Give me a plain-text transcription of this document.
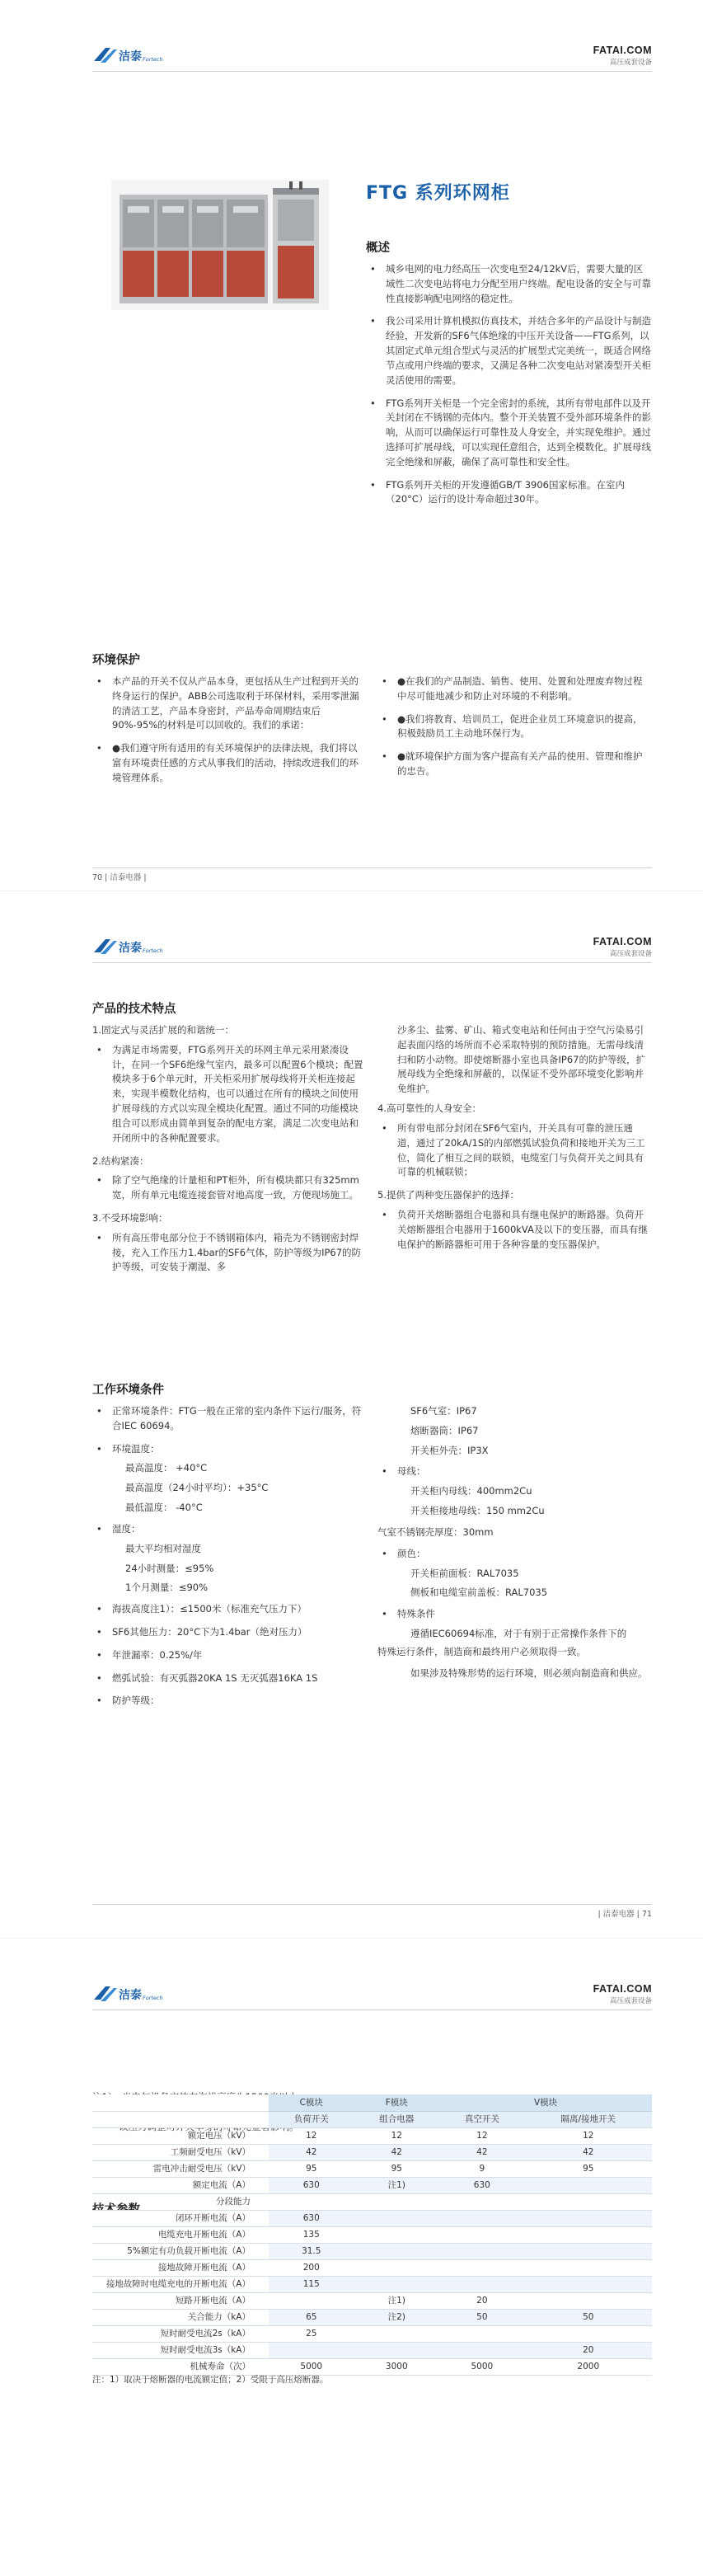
洁泰 Fortech
FATAI.COM
高压成套设备
FTG 系列环网柜
概述
• 城乡电网的电力经高压一次变电至24/12kV后，需要大量的区域性二次变电站将电力分配至用户终端。配电设备的安全与可靠性直接影响配电网络的稳定性。
• 我公司采用计算机模拟仿真技术，并结合多年的产品设计与制造经验，开发新的SF6气体绝缘的中压开关设备——FTG系列，以其固定式单元组合型式与灵活的扩展型式完美统一，既适合网络节点或用户终端的要求，又满足各种二次变电站对紧凑型开关柜灵活使用的需要。
• FTG系列开关柜是一个完全密封的系统，其所有带电部件以及开关封闭在不锈钢的壳体内。整个开关装置不受外部环境条件的影响，从而可以确保运行可靠性及人身安全，并实现免维护。通过选择可扩展母线，可以实现任意组合，达到全模数化。扩展母线完全绝缘和屏蔽，确保了高可靠性和安全性。
• FTG系列开关柜的开发遵循GB/T 3906国家标准。在室内（20°C）运行的设计寿命超过30年。
环境保护
• 本产品的开关不仅从产品本身，更包括从生产过程到开关的终身运行的保护。ABB公司选取利于环保材料，采用零泄漏的清洁工艺，产品本身密封，产品寿命周期结束后90%-95%的材料是可以回收的。我们的承诺：
• ●我们遵守所有适用的有关环境保护的法律法规，我们将以富有环境责任感的方式从事我们的活动，持续改进我们的环境管理体系。
• ●在我们的产品制造、销售、使用、处置和处理废弃物过程中尽可能地减少和防止对环境的不利影响。
• ●我们将教育、培训员工，促进企业员工环境意识的提高，积极鼓励员工主动地环保行为。
• ●就环境保护方面为客户提高有关产品的使用、管理和维护的忠告。
70 | 洁泰电器 |
洁泰 Fortech
FATAI.COM
高压成套设备
产品的技术特点

1.固定式与灵活扩展的和谐统一：

• 为满足市场需要，FTG系列开关的环网主单元采用紧凑设计，在同一个SF6绝缘气室内，最多可以配置6个模块；配置模块多于6个单元时，开关柜采用扩展母线将开关柜连接起来，实现半模数化结构，也可以通过在所有的模块之间使用扩展母线的方式以实现全模块化配置。通过不同的功能模块组合可以形成由简单到复杂的配电方案，满足二次变电站和开闭所中的各种配置要求。

2.结构紧凑：

• 除了空气绝缘的计量柜和PT柜外，所有模块都只有325mm宽，所有单元电缆连接套管对地高度一致，方便现场施工。

3.不受环境影响：

• 所有高压带电部分位于不锈钢箱体内，箱壳为不锈钢密封焊接，充入工作压力1.4bar的SF6气体，防护等级为IP67的防护等级，可安装于潮湿、多

沙多尘、盐雾、矿山、箱式变电站和任何由于空气污染易引起表面闪络的场所而不必采取特别的预防措施。无需母线清扫和防小动物。即使熔断器小室也具备IP67的防护等级，扩展母线为全绝缘和屏蔽的，以保证不受外部环境变化影响并免维护。

4.高可靠性的人身安全：

• 所有带电部分封闭在SF6气室内，开关具有可靠的泄压通道，通过了20kA/1S的内部燃弧试验负荷和接地开关为三工位，简化了相互之间的联锁，电缆室门与负荷开关之间具有可靠的机械联锁；

5.提供了两种变压器保护的选择：

• 负荷开关熔断器组合电器和具有继电保护的断路器。负荷开关熔断器组合电器用于1600kVA及以下的变压器，而具有继电保护的断路器柜可用于各种容量的变压器保护。
工作环境条件
• 正常环境条件：FTG一般在正常的室内条件下运行/服务，符合IEC 60694。
• 环境温度：

最高温度： +40°C

最高温度（24小时平均）：+35°C

最低温度： -40°C

• 湿度：

最大平均相对湿度

24小时测量：≤95%

1个月测量：≤90%

• 海拔高度注1）：≤1500米（标准充气压力下）
• SF6其他压力：20°C下为1.4bar（绝对压力）
• 年泄漏率：0.25%/年
• 燃弧试验：有灭弧器20KA 1S 无灭弧器16KA 1S
• 防护等级：

SF6气室：IP67

熔断器筒：IP67

开关柜外壳：IP3X

• 母线：

开关柜内母线：400mm2Cu

开关柜接地母线：150 mm2Cu

气室不锈钢壳厚度：30mm

• 颜色：

开关柜前面板：RAL7035

侧板和电缆室前盖板：RAL7035

• 特殊条件

遵循IEC60694标准，对于有别于正常操作条件下的

特殊运行条件，制造商和最终用户必须取得一致。

如果涉及特殊形势的运行环境，则必须向制造商和供应。

| 洁泰电器 | 71
洁泰 Fortech
FATAI.COM
高压成套设备

	C模块	F模块	V模块	
	负荷开关	组合电器	真空开关	隔离/接地开关
额定电压（kV）	12	12	12	12
工频耐受电压（kV）	42	42	42	42
雷电冲击耐受电压（kV）	95	95	9	95
额定电流（A）	630	注1)	630	
分段能力				
闭环开断电流（A）	630			
电缆充电开断电流（A）	135			
5%额定有功负载开断电流（A）	31.5			
接地故障开断电流（A）	200			
接地故障时电缆充电的开断电流（A）	115			
短路开断电流（A）		注1)	20	
关合能力（kA）	65	注2)	50	50
短时耐受电流2s（kA）	25			
短时耐受电流3s（kA）				20
机械寿命（次）	5000	3000	5000	2000
注：1）取决于熔断器的电流额定值；2）受限于高压熔断器。
